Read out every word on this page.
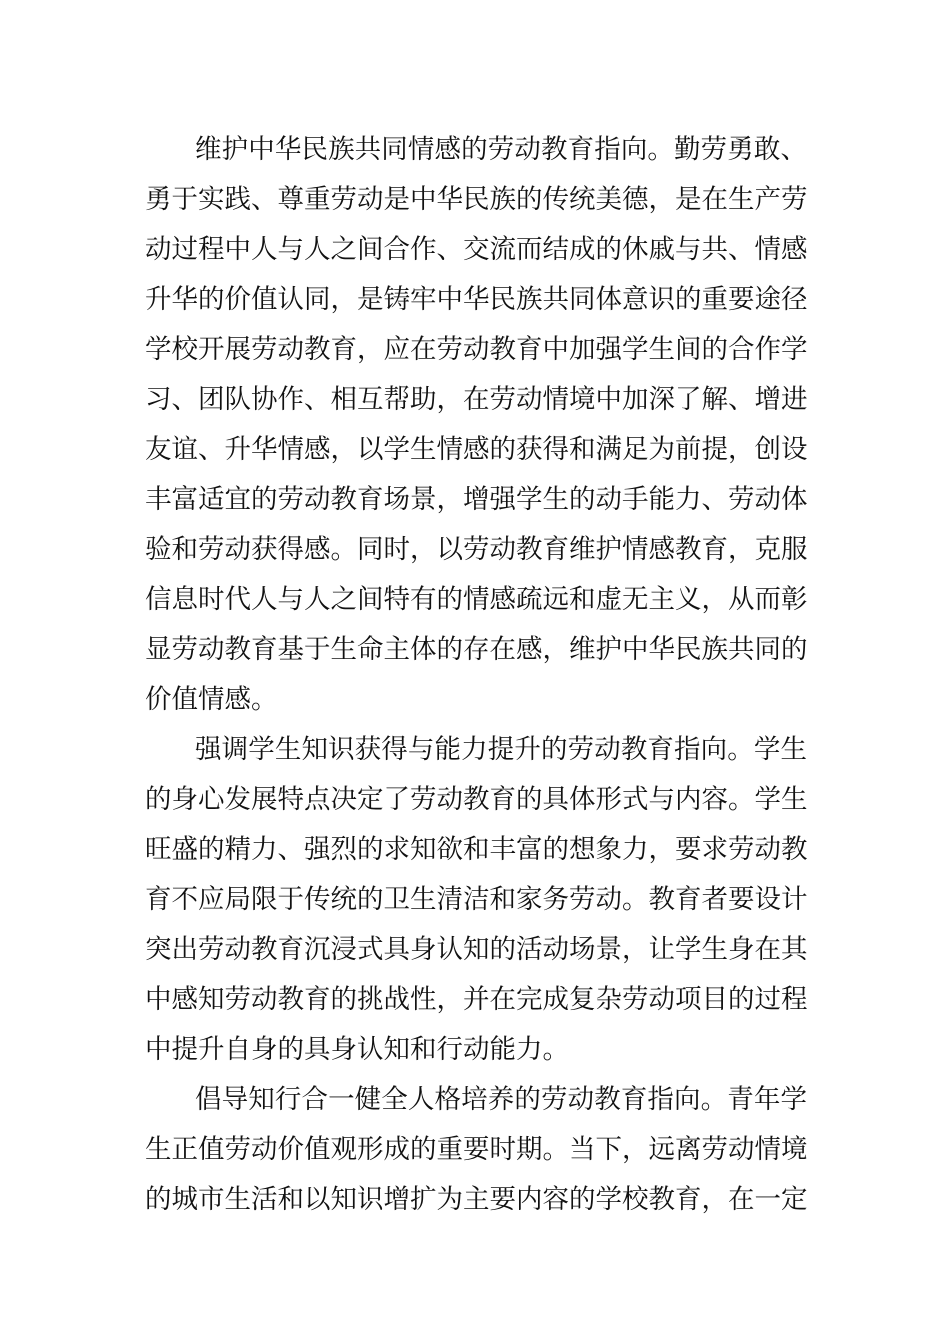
维护中华民族共同情感的劳动教育指向。勤劳勇敢、
勇于实践、尊重劳动是中华民族的传统美德，是在生产劳
动过程中人与人之间合作、交流而结成的休戚与共、情感
升华的价值认同，是铸牢中华民族共同体意识的重要途径
学校开展劳动教育，应在劳动教育中加强学生间的合作学
习、团队协作、相互帮助，在劳动情境中加深了解、增进
友谊、升华情感，以学生情感的获得和满足为前提，创设
丰富适宜的劳动教育场景，增强学生的动手能力、劳动体
验和劳动获得感。同时，以劳动教育维护情感教育，克服
信息时代人与人之间特有的情感疏远和虚无主义，从而彰
显劳动教育基于生命主体的存在感，维护中华民族共同的
价值情感。
强调学生知识获得与能力提升的劳动教育指向。学生
的身心发展特点决定了劳动教育的具体形式与内容。学生
旺盛的精力、强烈的求知欲和丰富的想象力，要求劳动教
育不应局限于传统的卫生清洁和家务劳动。教育者要设计
突出劳动教育沉浸式具身认知的活动场景，让学生身在其
中感知劳动教育的挑战性，并在完成复杂劳动项目的过程
中提升自身的具身认知和行动能力。
倡导知行合一健全人格培养的劳动教育指向。青年学
生正值劳动价值观形成的重要时期。当下，远离劳动情境
的城市生活和以知识增扩为主要内容的学校教育，在一定
